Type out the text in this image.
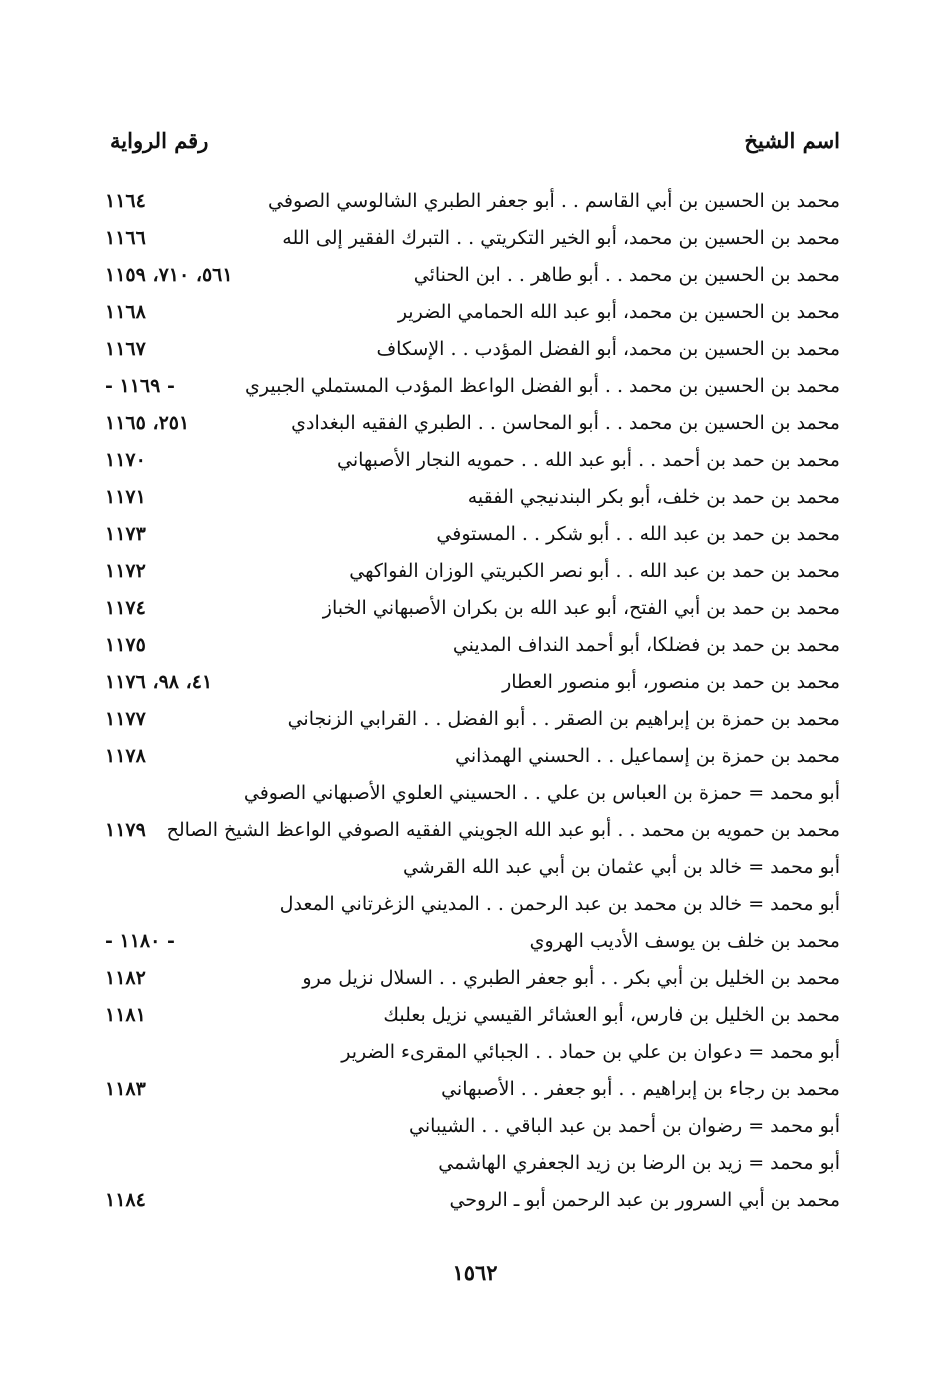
اسم الشيخ
رقم الرواية
محمد بن الحسين بن أبي القاسم . . أبو جعفر الطبري الشالوسي الصوفي
١١٦٤
محمد بن الحسين بن محمد، أبو الخير التكريتي . . التبرك الفقير إلى الله
١١٦٦
محمد بن الحسين بن محمد . . أبو طاهر . . ابن الحنائي
٥٦١، ٧١٠، ١١٥٩
محمد بن الحسين بن محمد، أبو عبد الله الحمامي الضرير
١١٦٨
محمد بن الحسين بن محمد، أبو الفضل المؤدب . . الإسكاف
١١٦٧
محمد بن الحسين بن محمد . . أبو الفضل الواعظ المؤدب المستملي الجبيري
- ١١٦٩ -
محمد بن الحسين بن محمد . . أبو المحاسن . . الطبري الفقيه البغدادي
٢٥١، ١١٦٥
محمد بن حمد بن أحمد . . أبو عبد الله . . حمويه النجار الأصبهاني
١١٧٠
محمد بن حمد بن خلف، أبو بكر البندنيجي الفقيه
١١٧١
محمد بن حمد بن عبد الله . . أبو شكر . . المستوفي
١١٧٣
محمد بن حمد بن عبد الله . . أبو نصر الكبريتي الوزان الفواكهي
١١٧٢
محمد بن حمد بن أبي الفتح، أبو عبد الله بن بكران الأصبهاني الخباز
١١٧٤
محمد بن حمد بن فضلكا، أبو أحمد النداف المديني
١١٧٥
محمد بن حمد بن منصور، أبو منصور العطار
٤١، ٩٨، ١١٧٦
محمد بن حمزة بن إبراهيم بن الصقر . . أبو الفضل . . القرابي الزنجاني
١١٧٧
محمد بن حمزة بن إسماعيل . . الحسني الهمذاني
١١٧٨
أبو محمد = حمزة بن العباس بن علي . . الحسيني العلوي الأصبهاني الصوفي
محمد بن حمويه بن محمد . . أبو عبد الله الجويني الفقيه الصوفي الواعظ الشيخ الصالح
١١٧٩
أبو محمد = خالد بن أبي عثمان بن أبي عبد الله القرشي
أبو محمد = خالد بن محمد بن عبد الرحمن . . المديني الزغرتاني المعدل
محمد بن خلف بن يوسف الأديب الهروي
- ١١٨٠ -
محمد بن الخليل بن أبي بكر . . أبو جعفر الطبري . . السلال نزيل مرو
١١٨٢
محمد بن الخليل بن فارس، أبو العشائر القيسي نزيل بعلبك
١١٨١
أبو محمد = دعوان بن علي بن حماد . . الجبائي المقرىء الضرير
محمد بن رجاء بن إبراهيم . . أبو جعفر . . الأصبهاني
١١٨٣
أبو محمد = رضوان بن أحمد بن عبد الباقي . . الشيباني
أبو محمد = زيد بن الرضا بن زيد الجعفري الهاشمي
محمد بن أبي السرور بن عبد الرحمن أبو ـ الروحي
١١٨٤
١٥٦٢
